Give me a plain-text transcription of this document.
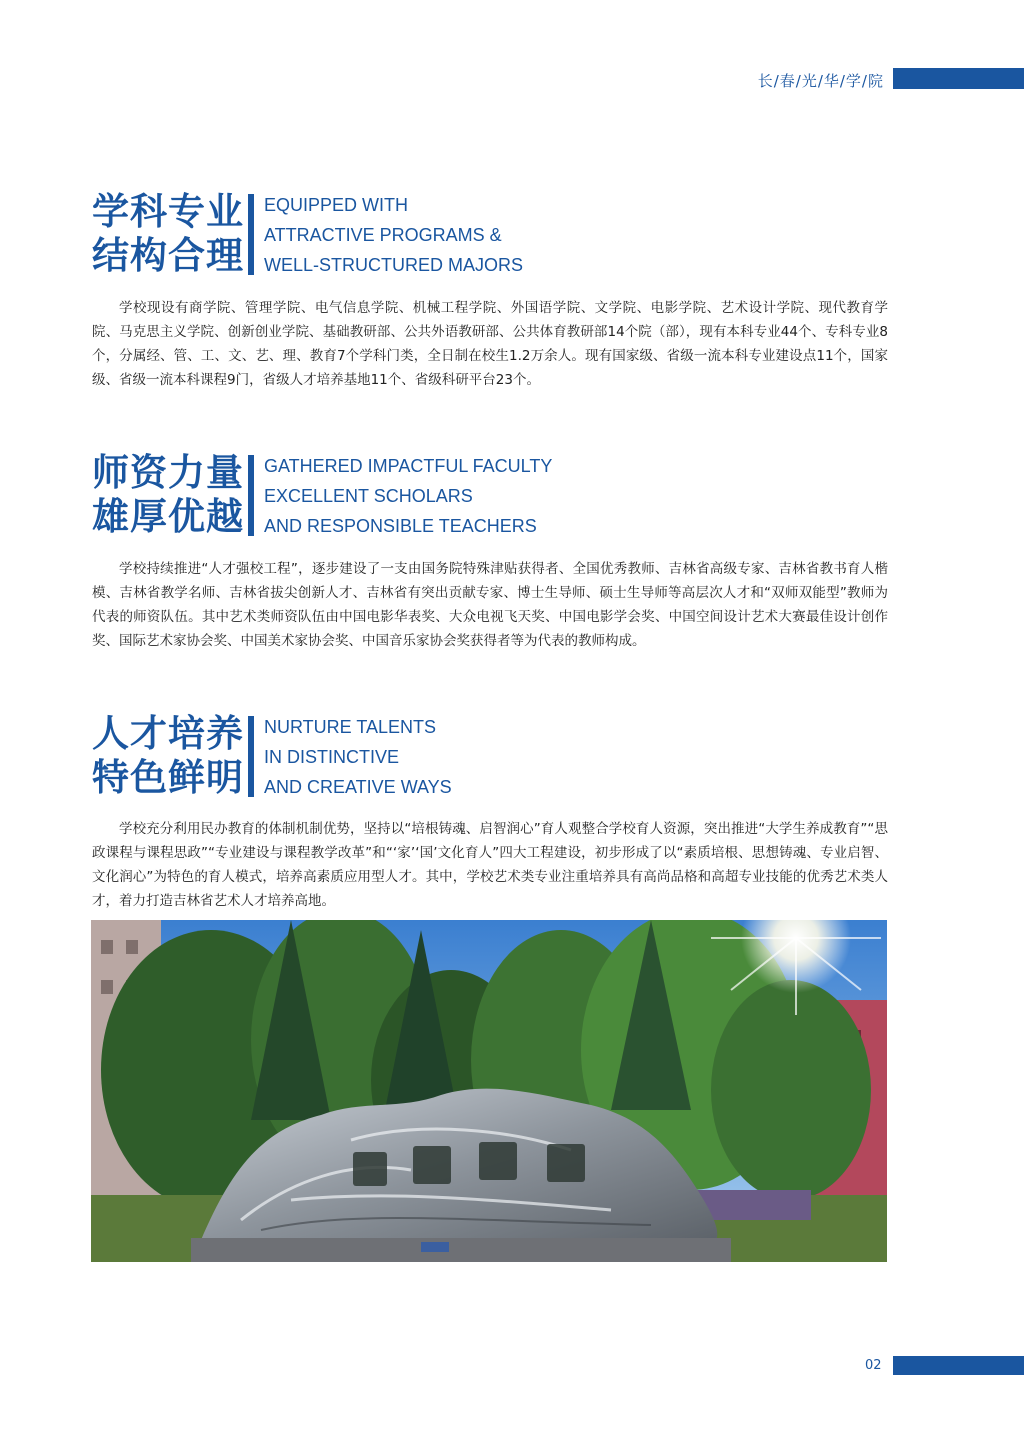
长/春/光/华/学/院
学科专业
结构合理
EQUIPPED WITH
ATTRACTIVE PROGRAMS &
WELL-STRUCTURED MAJORS

学校现设有商学院、管理学院、电气信息学院、机械工程学院、外国语学院、文学院、电影学院、艺术设计学院、现代教育学院、马克思主义学院、创新创业学院、基础教研部、公共外语教研部、公共体育教研部14个院（部），现有本科专业44个、专科专业8个，分属经、管、工、文、艺、理、教育7个学科门类，全日制在校生1.2万余人。现有国家级、省级一流本科专业建设点11个，国家级、省级一流本科课程9门，省级人才培养基地11个、省级科研平台23个。

师资力量
雄厚优越
GATHERED IMPACTFUL FACULTY
EXCELLENT SCHOLARS
AND RESPONSIBLE TEACHERS

学校持续推进“人才强校工程”，逐步建设了一支由国务院特殊津贴获得者、全国优秀教师、吉林省高级专家、吉林省教书育人楷模、吉林省教学名师、吉林省拔尖创新人才、吉林省有突出贡献专家、博士生导师、硕士生导师等高层次人才和“双师双能型”教师为代表的师资队伍。其中艺术类师资队伍由中国电影华表奖、大众电视飞天奖、中国电影学会奖、中国空间设计艺术大赛最佳设计创作奖、国际艺术家协会奖、中国美术家协会奖、中国音乐家协会奖获得者等为代表的教师构成。

人才培养
特色鲜明
NURTURE TALENTS
IN DISTINCTIVE
AND CREATIVE WAYS

学校充分利用民办教育的体制机制优势，坚持以“培根铸魂、启智润心”育人观整合学校育人资源，突出推进“大学生养成教育”“思政课程与课程思政”“专业建设与课程教学改革”和“‘家’‘国’文化育人”四大工程建设，初步形成了以“素质培根、思想铸魂、专业启智、文化润心”为特色的育人模式，培养高素质应用型人才。其中，学校艺术类专业注重培养具有高尚品格和高超专业技能的优秀艺术类人才，着力打造吉林省艺术人才培养高地。

02
